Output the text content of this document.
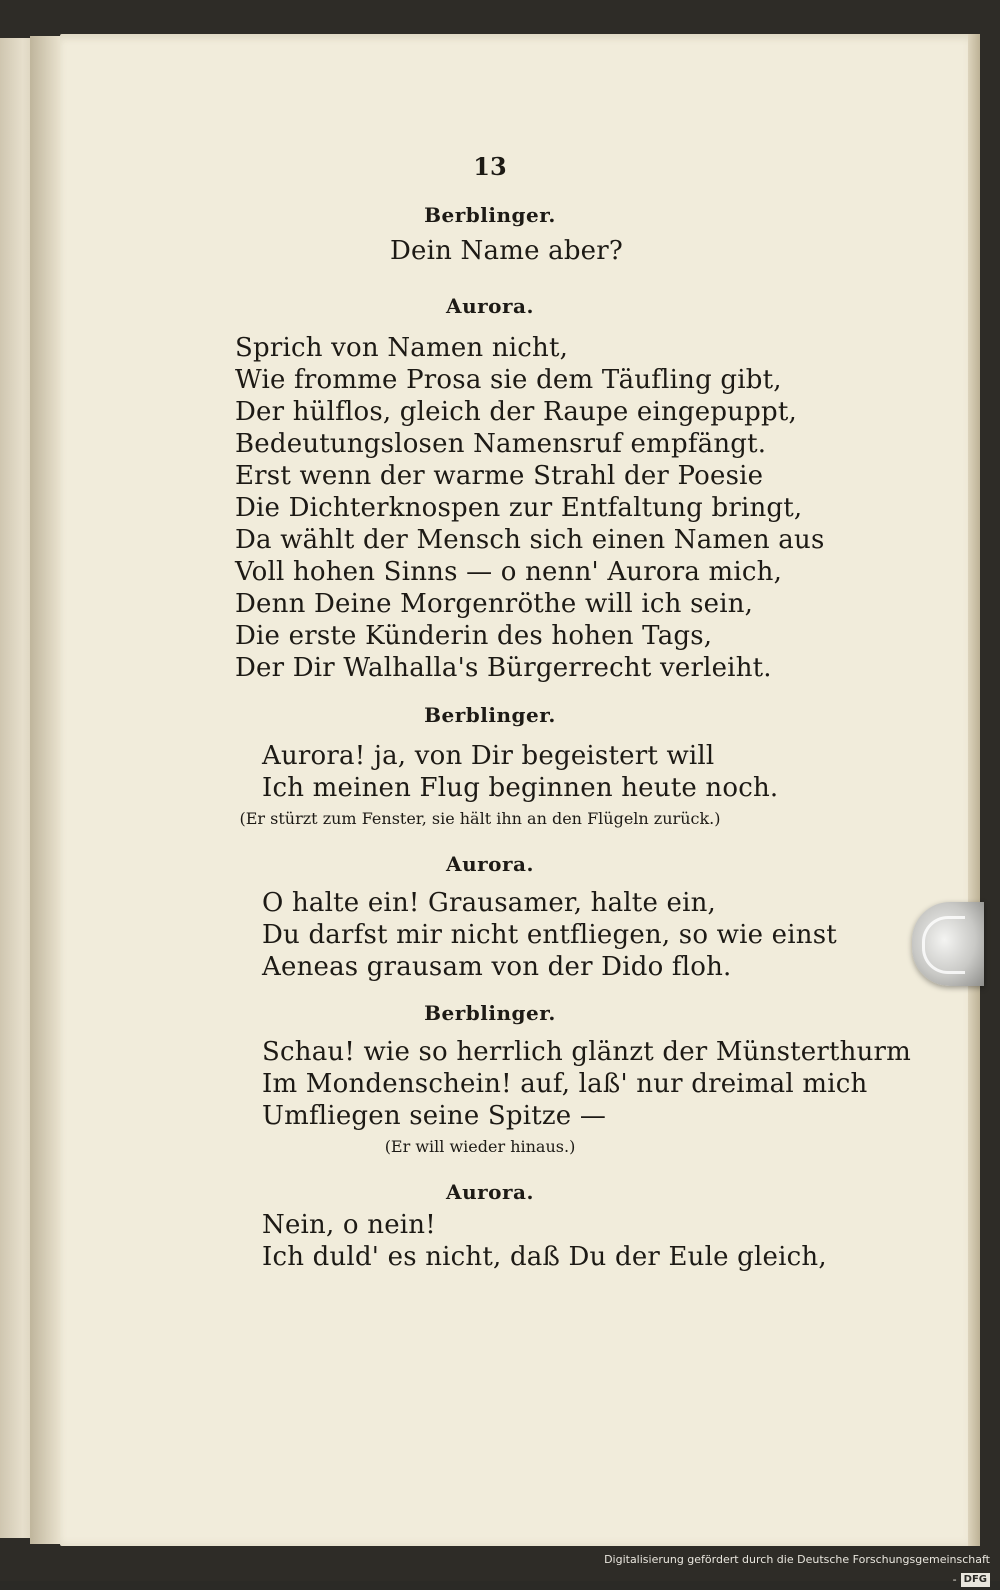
13
Berblinger.
Dein Name aber?
Aurora.
Sprich von Namen nicht,
Wie fromme Prosa sie dem Täufling gibt,
Der hülflos, gleich der Raupe eingepuppt,
Bedeutungslosen Namensruf empfängt.
Erst wenn der warme Strahl der Poesie
Die Dichterknospen zur Entfaltung bringt,
Da wählt der Mensch sich einen Namen aus
Voll hohen Sinns — o nenn' Aurora mich,
Denn Deine Morgenröthe will ich sein,
Die erste Künderin des hohen Tags,
Der Dir Walhalla's Bürgerrecht verleiht.
Berblinger.
Aurora! ja, von Dir begeistert will
Ich meinen Flug beginnen heute noch.
(Er stürzt zum Fenster, sie hält ihn an den Flügeln zurück.)
Aurora.
O halte ein! Grausamer, halte ein,
Du darfst mir nicht entfliegen, so wie einst
Aeneas grausam von der Dido floh.
Berblinger.
Schau! wie so herrlich glänzt der Münsterthurm
Im Mondenschein! auf, laß' nur dreimal mich
Umfliegen seine Spitze —
(Er will wieder hinaus.)
Aurora.
Nein, o nein!
Ich duld' es nicht, daß Du der Eule gleich,
Digitalisierung gefördert durch die Deutsche Forschungsgemeinschaft - DFG
